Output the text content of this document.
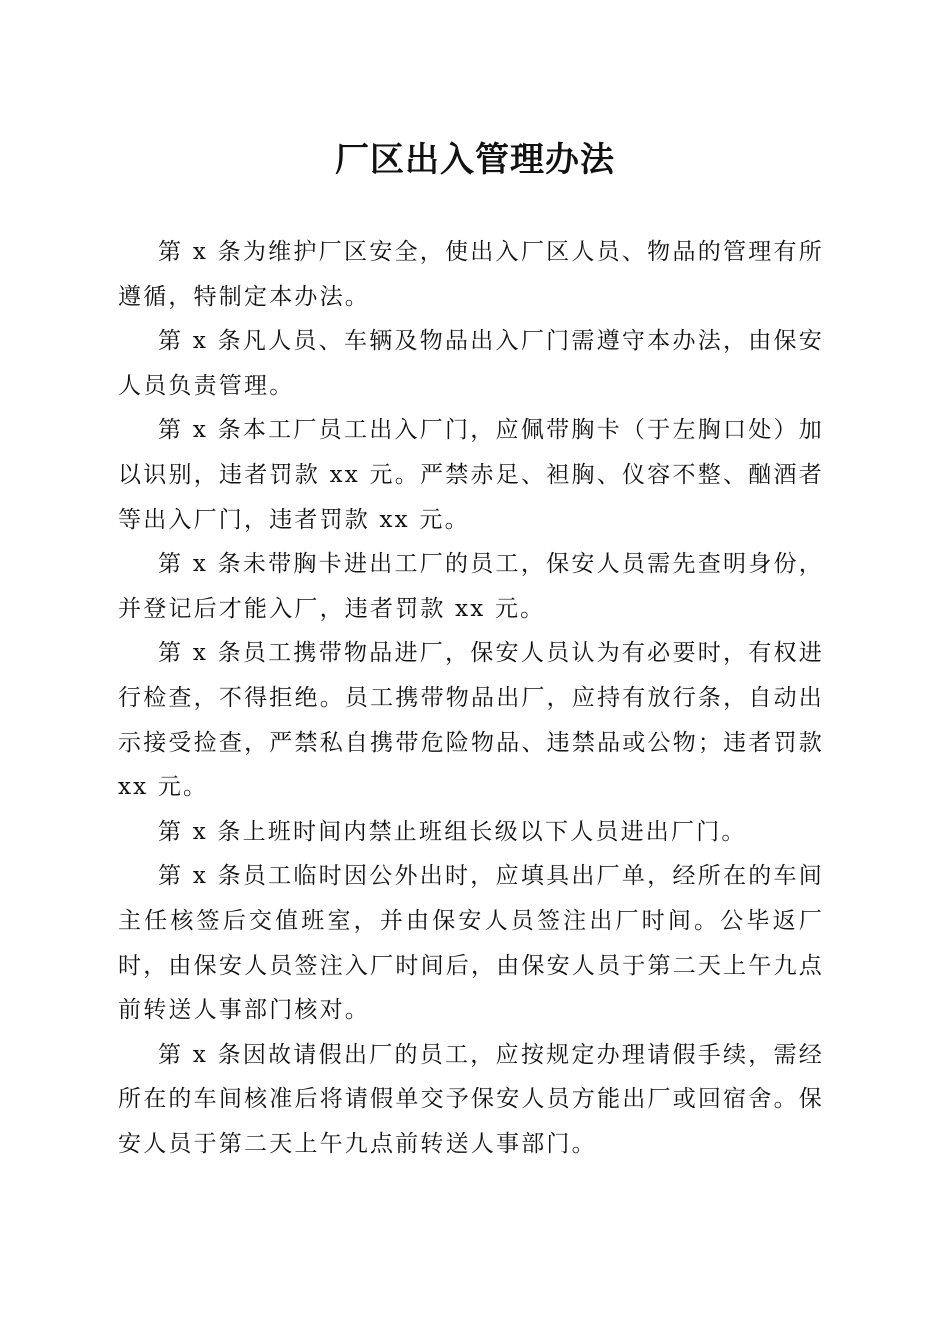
厂区出入管理办法

第 x 条为维护厂区安全，使出入厂区人员、物品的管理有所遵循，特制定本办法。

第 x 条凡人员、车辆及物品出入厂门需遵守本办法，由保安人员负责管理。

第 x 条本工厂员工出入厂门，应佩带胸卡（于左胸口处）加以识别，违者罚款 xx 元。严禁赤足、袒胸、仪容不整、酗酒者等出入厂门，违者罚款 xx 元。

第 x 条未带胸卡进出工厂的员工，保安人员需先查明身份，并登记后才能入厂，违者罚款 xx 元。

第 x 条员工携带物品进厂，保安人员认为有必要时，有权进行检查，不得拒绝。员工携带物品出厂，应持有放行条，自动出示接受捡查，严禁私自携带危险物品、违禁品或公物；违者罚款 xx 元。

第 x 条上班时间内禁止班组长级以下人员进出厂门。

第 x 条员工临时因公外出时，应填具出厂单，经所在的车间主任核签后交值班室，并由保安人员签注出厂时间。公毕返厂时，由保安人员签注入厂时间后，由保安人员于第二天上午九点前转送人事部门核对。

第 x 条因故请假出厂的员工，应按规定办理请假手续，需经所在的车间核准后将请假单交予保安人员方能出厂或回宿舍。保安人员于第二天上午九点前转送人事部门。
